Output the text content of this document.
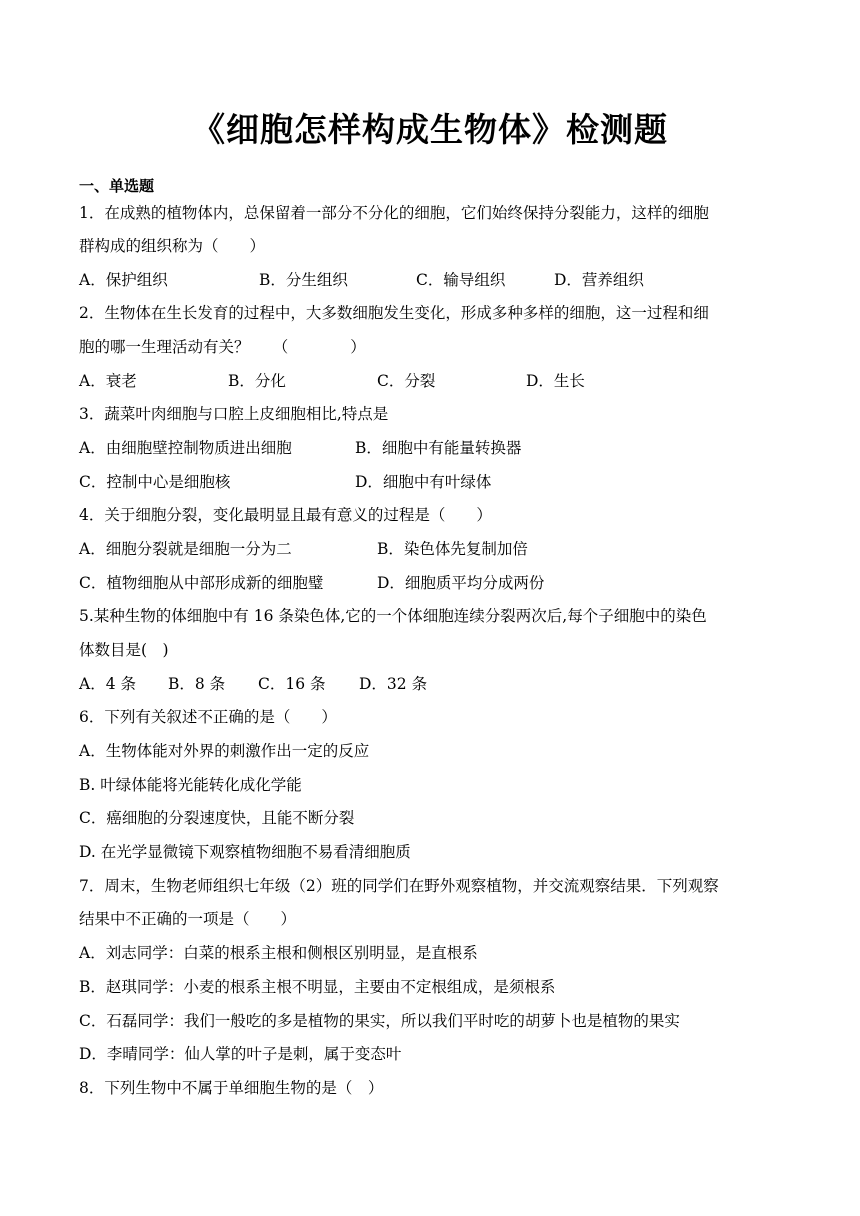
《细胞怎样构成生物体》检测题
一、单选题
1．在成熟的植物体内，总保留着一部分不分化的细胞，它们始终保持分裂能力，这样的细胞
群构成的组织称为（　　）
A．保护组织	B．分生组织	C．输导组织	D．营养组织
2．生物体在生长发育的过程中，大多数细胞发生变化，形成多种多样的细胞，这一过程和细
胞的哪一生理活动有关？　　（　　　　）
A．衰老	B．分化	C．分裂	D．生长
3．蔬菜叶肉细胞与口腔上皮细胞相比,特点是
A．由细胞壁控制物质进出细胞	B．细胞中有能量转换器
C．控制中心是细胞核	D．细胞中有叶绿体
4．关于细胞分裂，变化最明显且最有意义的过程是（　　）
A．细胞分裂就是细胞一分为二	B．染色体先复制加倍
C．植物细胞从中部形成新的细胞璧	D．细胞质平均分成两份
5.某种生物的体细胞中有 16 条染色体,它的一个体细胞连续分裂两次后,每个子细胞中的染色
体数目是(　)
A．4 条 B．8 条 C．16 条 D．32 条
6．下列有关叙述不正确的是（　　）
A．生物体能对外界的刺激作出一定的反应
B. 叶绿体能将光能转化成化学能
C．癌细胞的分裂速度快，且能不断分裂
D. 在光学显微镜下观察植物细胞不易看清细胞质
7．周末，生物老师组织七年级（2）班的同学们在野外观察植物，并交流观察结果．下列观察
结果中不正确的一项是（　　）
A．刘志同学：白菜的根系主根和侧根区别明显，是直根系
B．赵琪同学：小麦的根系主根不明显，主要由不定根组成，是须根系
C．石磊同学：我们一般吃的多是植物的果实，所以我们平时吃的胡萝卜也是植物的果实
D．李晴同学：仙人掌的叶子是刺，属于变态叶
8．下列生物中不属于单细胞生物的是（　）
